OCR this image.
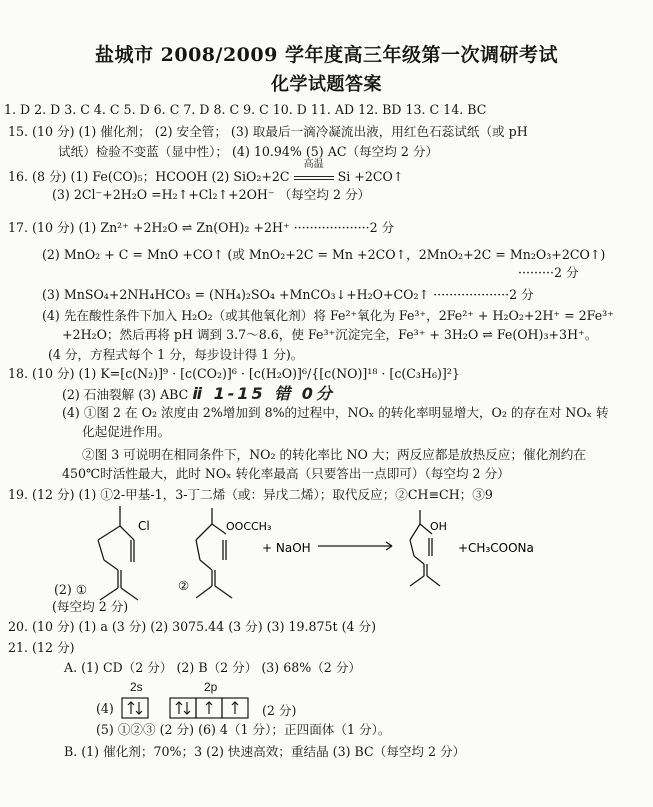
盐城市 2008/2009 学年度高三年级第一次调研考试
化学试题答案
1. D 2. D 3. C 4. C 5. D 6. C 7. D 8. C 9. C 10. D 11. AD 12. BD 13. C 14. BC
15. (10 分) (1) 催化剂； (2) 安全管； (3) 取最后一滴冷凝流出液，用红色石蕊试纸（或 pH
试纸）检验不变蓝（显中性）； (4) 10.94% (5) AC（每空均 2 分）
16. (8 分) (1) Fe(CO)₅；HCOOH (2) SiO₂+2C
高温
Si +2CO↑
(3) 2Cl⁻+2H₂O =H₂↑+Cl₂↑+2OH⁻ （每空均 2 分）
17. (10 分) (1) Zn²⁺ +2H₂O ⇌ Zn(OH)₂ +2H⁺ ···················2 分
(2) MnO₂ + C = MnO +CO↑ (或 MnO₂+2C = Mn +2CO↑，2MnO₂+2C = Mn₂O₃+2CO↑)
·········2 分
(3) MnSO₄+2NH₄HCO₃ = (NH₄)₂SO₄ +MnCO₃↓+H₂O+CO₂↑ ···················2 分
(4) 先在酸性条件下加入 H₂O₂（或其他氧化剂）将 Fe²⁺氧化为 Fe³⁺，2Fe²⁺ + H₂O₂+2H⁺ = 2Fe³⁺
+2H₂O；然后再将 pH 调到 3.7～8.6，使 Fe³⁺沉淀完全，Fe³⁺ + 3H₂O ⇌ Fe(OH)₃+3H⁺。
(4 分，方程式每个 1 分，每步设计得 1 分)。
18. (10 分) (1) K=[c(N₂)]⁹ · [c(CO₂)]⁶ · [c(H₂O)]⁶/{[c(NO)]¹⁸ · [c(C₃H₆)]²}
(2) 石油裂解 (3) ABC ⅱ 1-15 错 0分
(4) ①图 2 在 O₂ 浓度由 2%增加到 8%的过程中，NOₓ 的转化率明显增大，O₂ 的存在对 NOₓ 转
化起促进作用。
②图 3 可说明在相同条件下，NO₂ 的转化率比 NO 大；两反应都是放热反应；催化剂约在
450℃时活性最大，此时 NOₓ 转化率最高（只要答出一点即可）（每空均 2 分）
19. (12 分) (1) ①2-甲基-1，3-丁二烯（或：异戊二烯）；取代反应；②CH≡CH；③9
Cl	OOCCH₃
+ NaOH
OH
+CH₃COONa
(2) ①	②
(每空均 2 分)
20. (10 分) (1) a (3 分) (2) 3075.44 (3 分) (3) 19.875t (4 分)
21. (12 分)
A. (1) CD（2 分） (2) B（2 分） (3) 68%（2 分）
2s	2p
(4)	(2 分)
(5) ①②③ (2 分) (6) 4（1 分）；正四面体（1 分）。
B. (1) 催化剂；70%；3 (2) 快速高效；重结晶 (3) BC（每空均 2 分）
